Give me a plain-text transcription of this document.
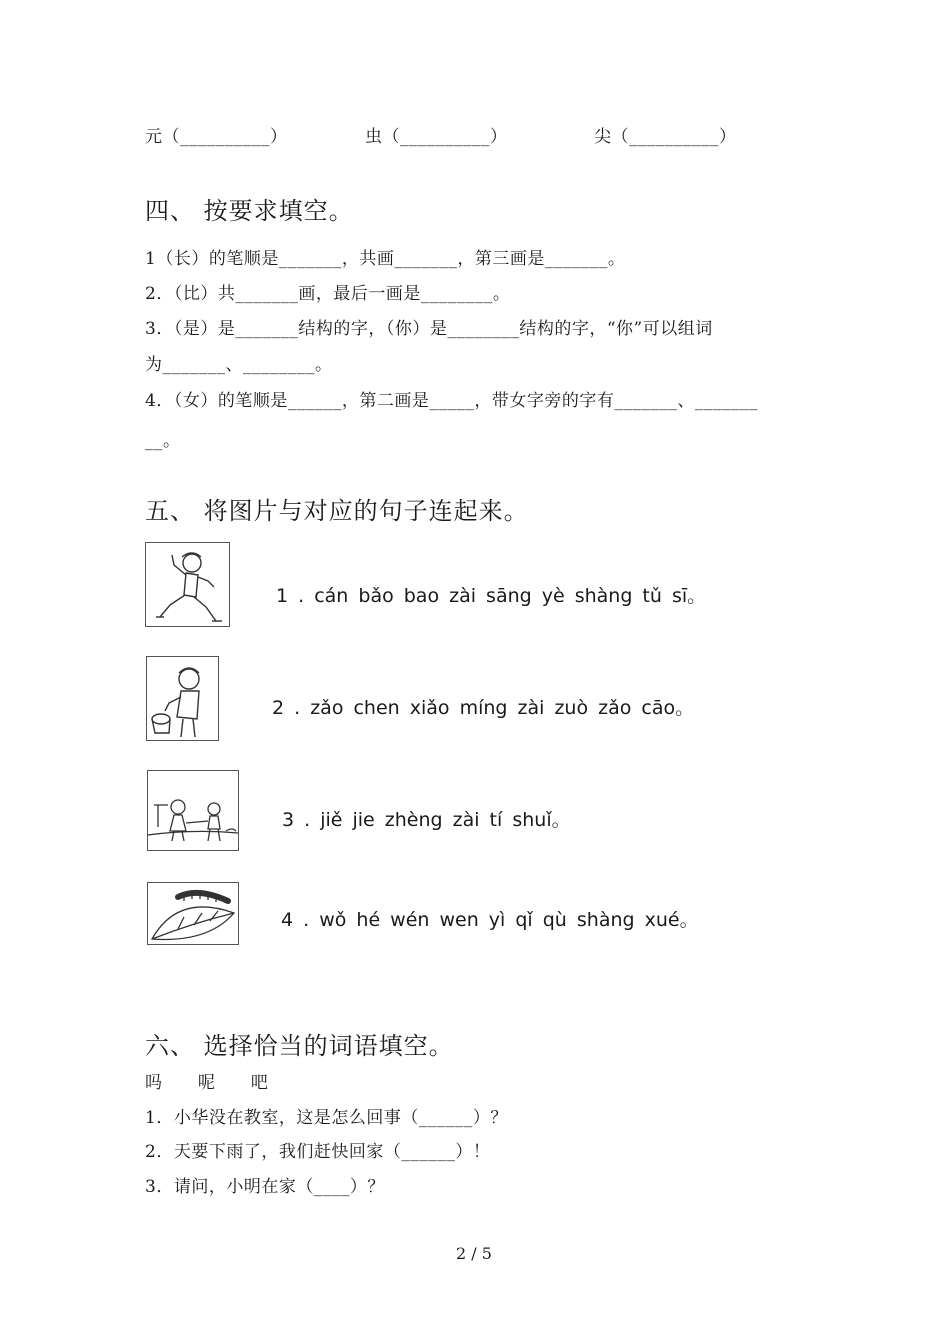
元（__________）	虫（__________）	尖（__________）
四、 按要求填空。
1（长）的笔顺是_______，共画_______，第三画是_______。
2．（比）共_______画，最后一画是________。
3．（是）是_______结构的字，（你）是________结构的字，“你”可以组词
为_______、________。
4．（女）的笔顺是______，第二画是_____，带女字旁的字有_______、_______
__。
五、 将图片与对应的句子连起来。
1 . cán bǎo bao zài sāng yè shàng tǔ sī。
2 . zǎo chen xiǎo míng zài zuò zǎo cāo。
3 . jiě jie zhèng zài tí shuǐ。
4 . wǒ hé wén wen yì qǐ qù shàng xué。
六、 选择恰当的词语填空。
吗      呢      吧
1．小华没在教室，这是怎么回事（______）？
2．天要下雨了，我们赶快回家（______）！
3．请问，小明在家（____）？
2 / 5
